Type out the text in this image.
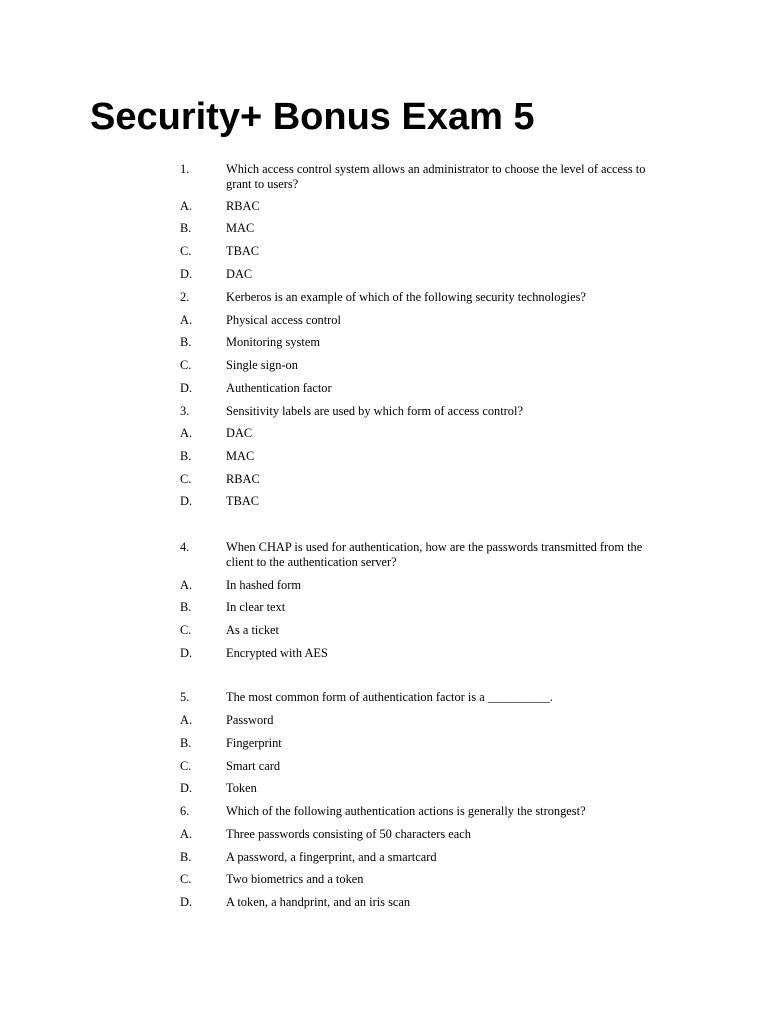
Security+ Bonus Exam 5
1.	Which access control system allows an administrator to choose the level of access to grant to users?
A.	RBAC
B.	MAC
C.	TBAC
D.	DAC
2.	Kerberos is an example of which of the following security technologies?
A.	Physical access control
B.	Monitoring system
C.	Single sign-on
D.	Authentication factor
3.	Sensitivity labels are used by which form of access control?
A.	DAC
B.	MAC
C.	RBAC
D.	TBAC
4.	When CHAP is used for authentication, how are the passwords transmitted from the client to the authentication server?
A.	In hashed form
B.	In clear text
C.	As a ticket
D.	Encrypted with AES
5.	The most common form of authentication factor is a __________.
A.	Password
B.	Fingerprint
C.	Smart card
D.	Token
6.	Which of the following authentication actions is generally the strongest?
A.	Three passwords consisting of 50 characters each
B.	A password, a fingerprint, and a smartcard
C.	Two biometrics and a token
D.	A token, a handprint, and an iris scan
